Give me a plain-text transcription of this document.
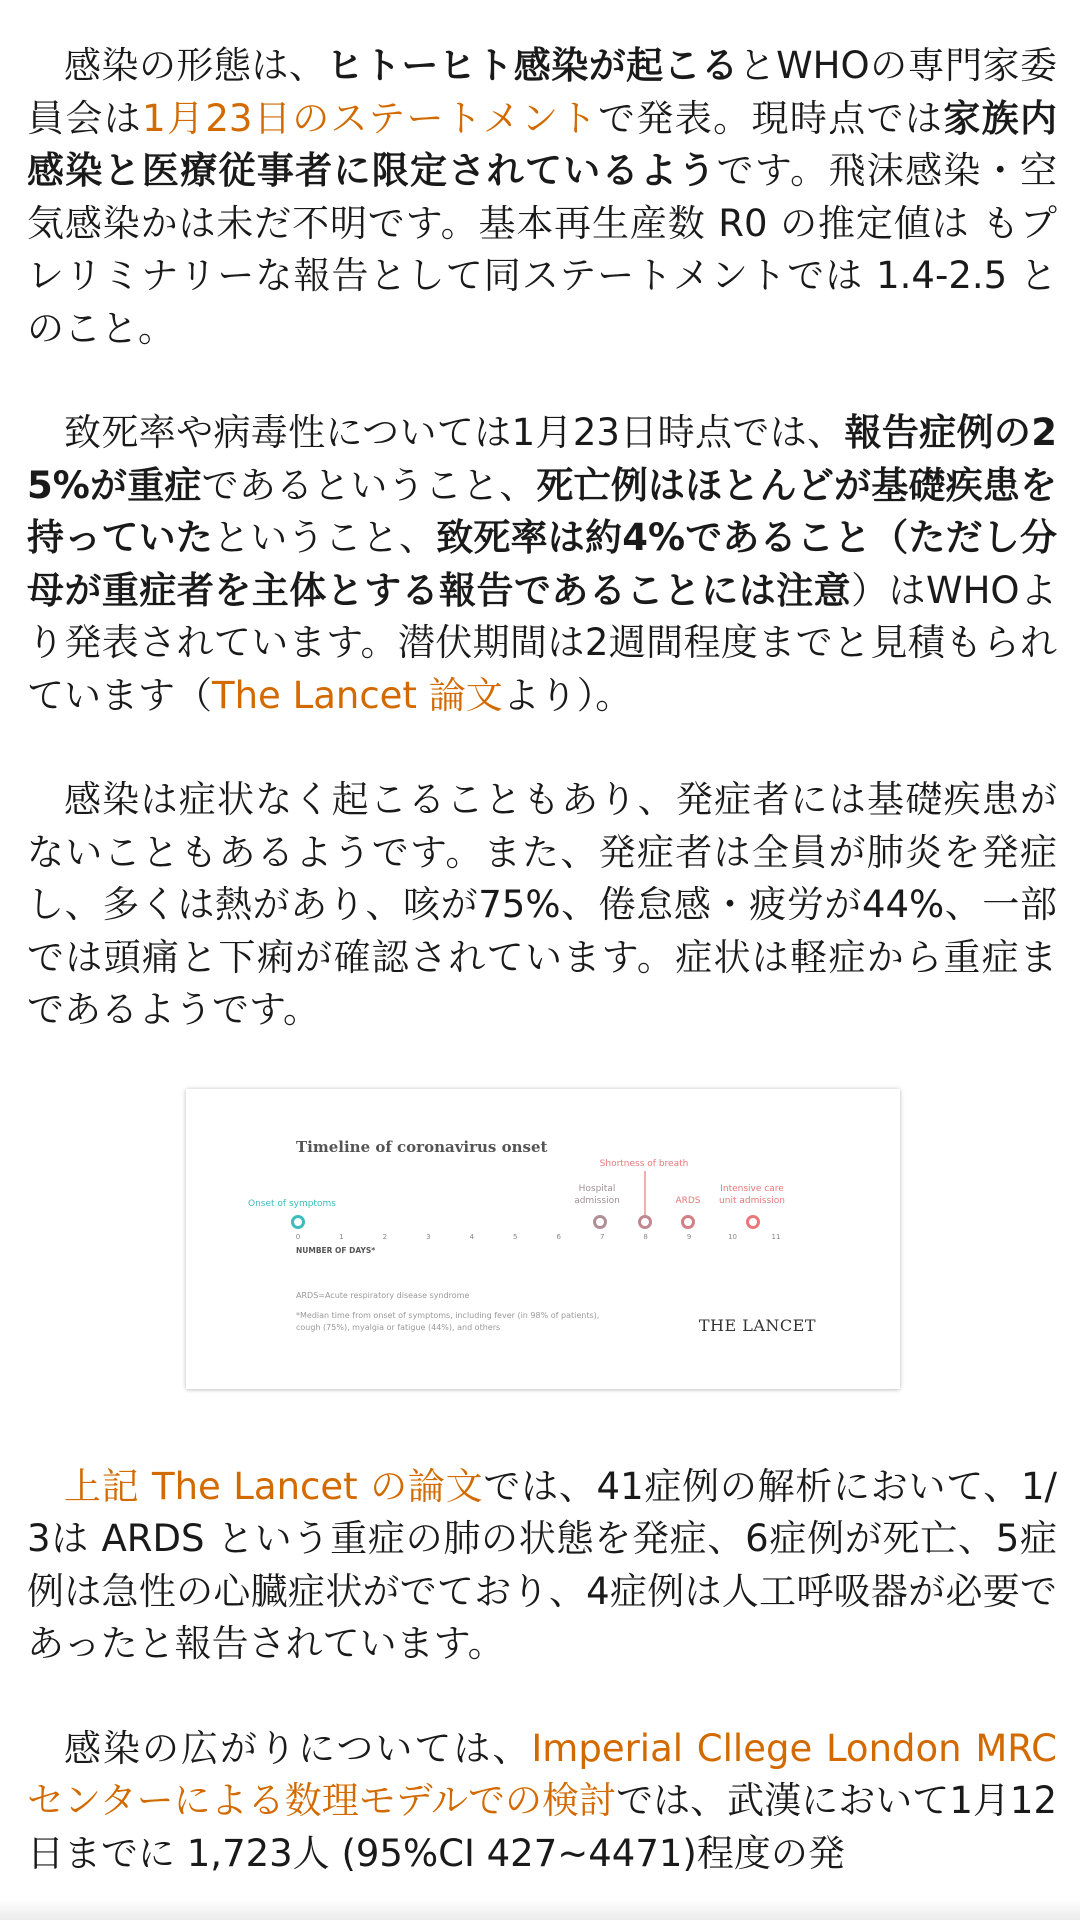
感染の形態は、ヒトーヒト感染が起こるとWHOの専門家委員会は1月23日のステートメントで発表。現時点では家族内感染と医療従事者に限定されているようです。飛沫感染・空気感染かは未だ不明です。基本再生産数 R0 の推定値は もプレリミナリーな報告として同ステートメントでは 1.4-2.5 とのこと。

致死率や病毒性については1月23日時点では、報告症例の25%が重症であるということ、死亡例はほとんどが基礎疾患を持っていたということ、致死率は約4%であること（ただし分母が重症者を主体とする報告であることには注意）はWHOより発表されています。潜伏期間は2週間程度までと見積もられています（The Lancet 論文より）。

感染は症状なく起こることもあり、発症者には基礎疾患がないこともあるようです。また、発症者は全員が肺炎を発症し、多くは熱があり、咳が75%、倦怠感・疲労が44%、一部では頭痛と下痢が確認されています。症状は軽症から重症まであるようです。

Timeline of coronavirus onset
Onset of symptoms
Hospital
admission
Shortness of breath
ARDS
Intensive care
unit admission
0	1	2	3	4	5	6	7	8	9	10	11
NUMBER OF DAYS*
ARDS=Acute respiratory disease syndrome
*Median time from onset of symptoms, including fever (in 98% of patients),
cough (75%), myalgia or fatigue (44%), and others	THE LANCET

上記 The Lancet の論文では、41症例の解析において、1/3は ARDS という重症の肺の状態を発症、6症例が死亡、5症例は急性の心臓症状がでており、4症例は人工呼吸器が必要であったと報告されています。

感染の広がりについては、Imperial Cllege London MRCセンターによる数理モデルでの検討では、武漢において1月12日までに 1,723人 (95%CI 427~4471)程度の発
